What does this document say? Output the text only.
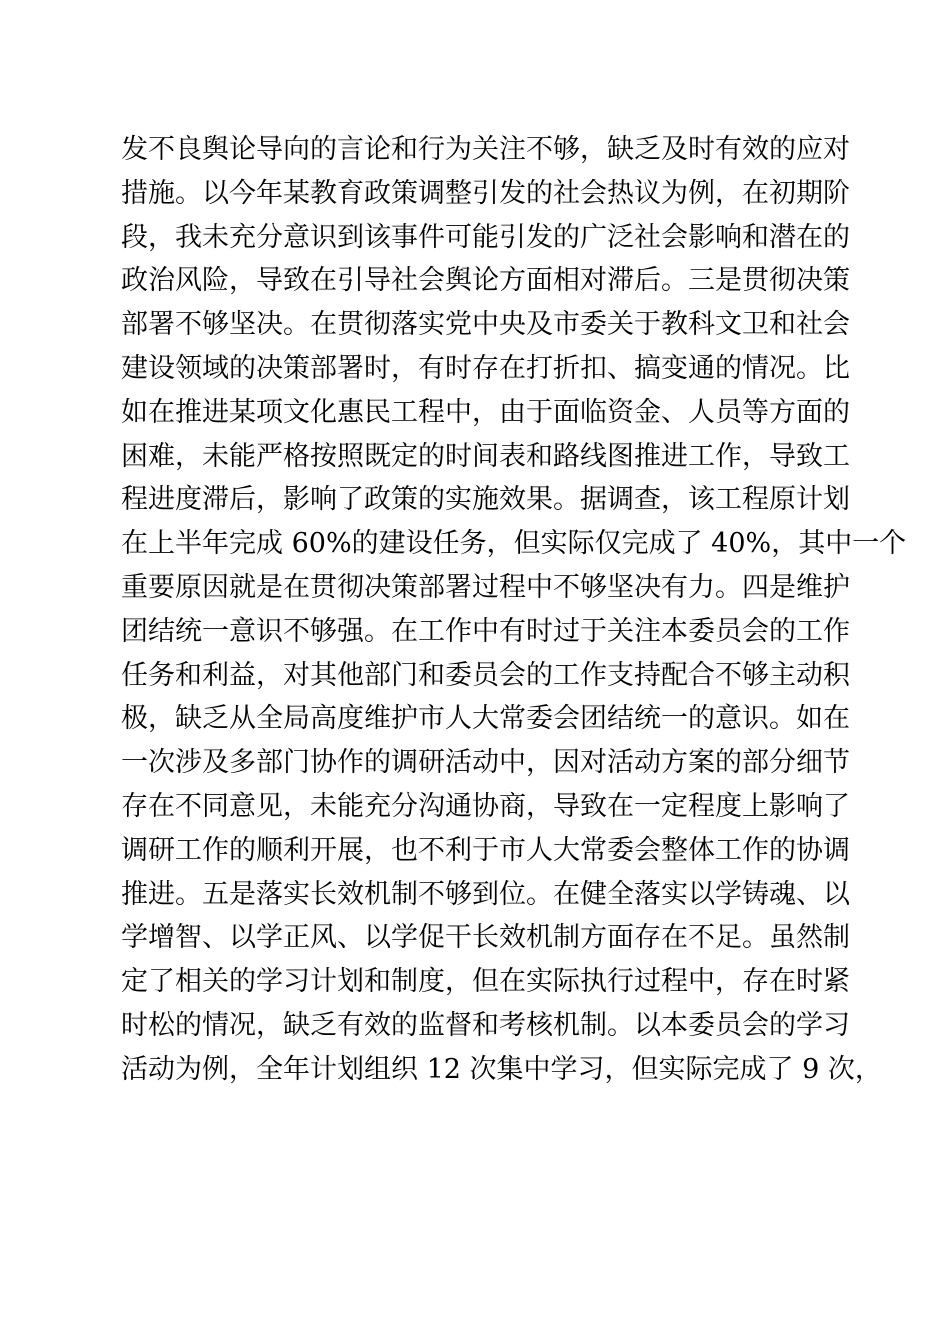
发不良舆论导向的言论和行为关注不够，缺乏及时有效的应对
措施。以今年某教育政策调整引发的社会热议为例，在初期阶
段，我未充分意识到该事件可能引发的广泛社会影响和潜在的
政治风险，导致在引导社会舆论方面相对滞后。三是贯彻决策
部署不够坚决。在贯彻落实党中央及市委关于教科文卫和社会
建设领域的决策部署时，有时存在打折扣、搞变通的情况。比
如在推进某项文化惠民工程中，由于面临资金、人员等方面的
困难，未能严格按照既定的时间表和路线图推进工作，导致工
程进度滞后，影响了政策的实施效果。据调查，该工程原计划
在上半年完成 60%的建设任务，但实际仅完成了 40%，其中一个
重要原因就是在贯彻决策部署过程中不够坚决有力。四是维护
团结统一意识不够强。在工作中有时过于关注本委员会的工作
任务和利益，对其他部门和委员会的工作支持配合不够主动积
极，缺乏从全局高度维护市人大常委会团结统一的意识。如在
一次涉及多部门协作的调研活动中，因对活动方案的部分细节
存在不同意见，未能充分沟通协商，导致在一定程度上影响了
调研工作的顺利开展，也不利于市人大常委会整体工作的协调
推进。五是落实长效机制不够到位。在健全落实以学铸魂、以
学增智、以学正风、以学促干长效机制方面存在不足。虽然制
定了相关的学习计划和制度，但在实际执行过程中，存在时紧
时松的情况，缺乏有效的监督和考核机制。以本委员会的学习
活动为例，全年计划组织 12 次集中学习，但实际完成了 9 次，
